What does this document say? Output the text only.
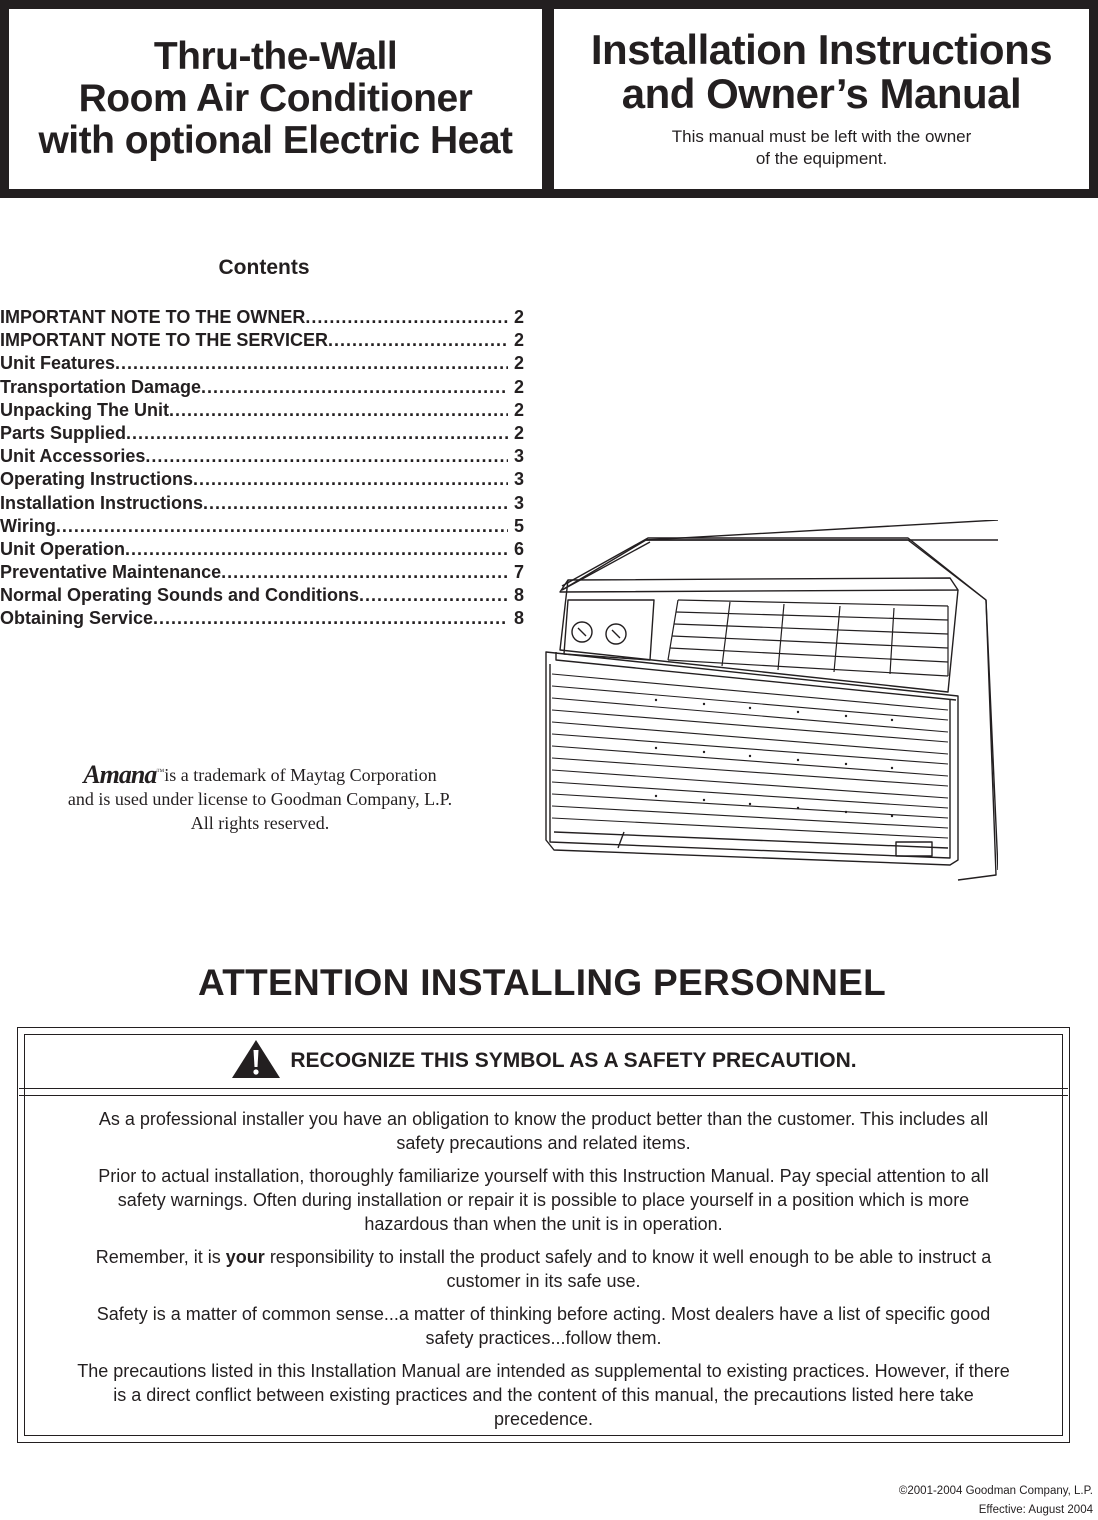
Thru-the-Wall
Room Air Conditioner
with optional Electric Heat
Installation Instructions
and Owner’s Manual
This manual must be left with the owner
of the equipment.
Contents
IMPORTANT NOTE TO THE OWNER .....	2
IMPORTANT NOTE TO THE SERVICER .....	2
Unit Features .....	2
Transportation Damage .....	2
Unpacking The Unit .....	2
Parts Supplied .....	2
Unit Accessories .....	3
Operating Instructions .....	3
Installation Instructions .....	3
Wiring .....	5
Unit Operation .....	6
Preventative Maintenance .....	7
Normal Operating Sounds and Conditions .....	8
Obtaining Service .....	8
Amana™is a trademark of Maytag Corporation
and is used under license to Goodman Company, L.P.
All rights reserved.
ATTENTION INSTALLING PERSONNEL
RECOGNIZE THIS SYMBOL AS A SAFETY PRECAUTION.

As a professional installer you have an obligation to know the product better than the customer. This includes all safety precautions and related items.

Prior to actual installation, thoroughly familiarize yourself with this Instruction Manual. Pay special attention to all safety warnings. Often during installation or repair it is possible to place yourself in a position which is more hazardous than when the unit is in operation.

Remember, it is your responsibility to install the product safely and to know it well enough to be able to instruct a customer in its safe use.

Safety is a matter of common sense...a matter of thinking before acting. Most dealers have a list of specific good safety practices...follow them.

The precautions listed in this Installation Manual are intended as supplemental to existing practices. However, if there is a direct conflict between existing practices and the content of this manual, the precautions listed here take precedence.

©2001-2004 Goodman Company, L.P.
Effective: August 2004
